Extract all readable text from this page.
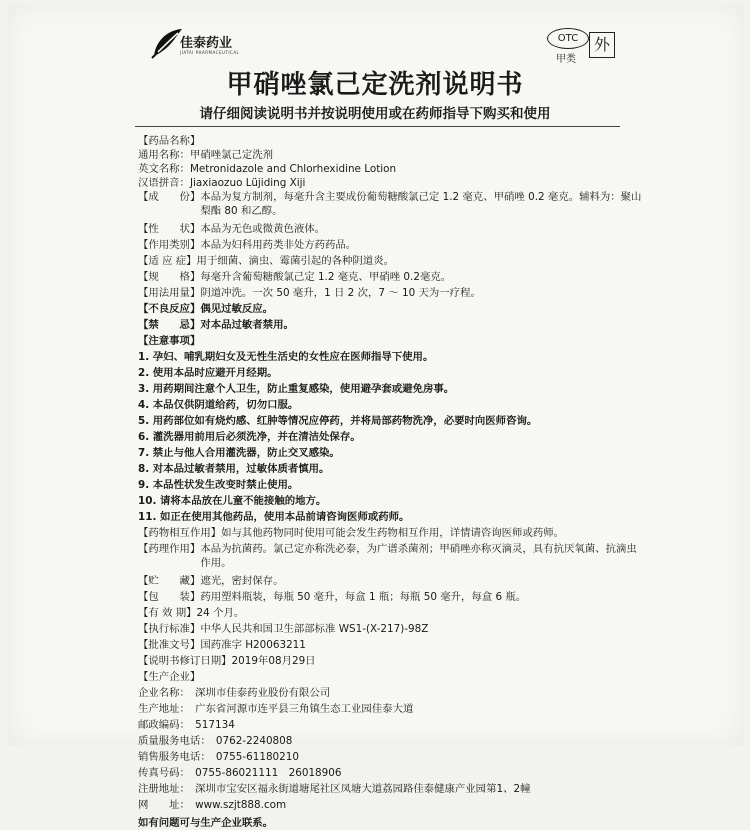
佳泰药业
JIATAI PHARMACEUTICAL
OTC
甲类
外
甲硝唑氯己定洗剂说明书
请仔细阅读说明书并按说明使用或在药师指导下购买和使用
【药品名称】
通用名称：甲硝唑氯己定洗剂
英文名称：Metronidazole and Chlorhexidine Lotion
汉语拼音：Jiaxiaozuo Lüjiding Xiji
【成　　份】本品为复方制剂，每毫升含主要成份葡萄糖酸氯己定 1.2 毫克、甲硝唑 0.2 毫克。辅料为：聚山
　　　　　　梨酯 80 和乙醇。
【性　　状】本品为无色或微黄色液体。
【作用类别】本品为妇科用药类非处方药药品。
【适 应 症】用于细菌、滴虫、霉菌引起的各种阴道炎。
【规　　格】每毫升含葡萄糖酸氯己定 1.2 毫克、甲硝唑 0.2毫克。
【用法用量】阴道冲洗。一次 50 毫升，1 日 2 次，7 ～ 10 天为一疗程。
【不良反应】偶见过敏反应。
【禁　　忌】对本品过敏者禁用。
【注意事项】
1. 孕妇、哺乳期妇女及无性生活史的女性应在医师指导下使用。
2. 使用本品时应避开月经期。
3. 用药期间注意个人卫生，防止重复感染，使用避孕套或避免房事。
4. 本品仅供阴道给药，切勿口服。
5. 用药部位如有烧灼感、红肿等情况应停药，并将局部药物洗净，必要时向医师咨询。
6. 灌洗器用前用后必须洗净，并在清洁处保存。
7. 禁止与他人合用灌洗器，防止交叉感染。
8. 对本品过敏者禁用，过敏体质者慎用。
9. 本品性状发生改变时禁止使用。
10. 请将本品放在儿童不能接触的地方。
11. 如正在使用其他药品，使用本品前请咨询医师或药师。
【药物相互作用】如与其他药物同时使用可能会发生药物相互作用，详情请咨询医师或药师。
【药理作用】本品为抗菌药。氯己定亦称洗必泰，为广谱杀菌剂；甲硝唑亦称灭滴灵，具有抗厌氧菌、抗滴虫
　　　　　　作用。
【贮　　藏】遮光，密封保存。
【包　　装】药用塑料瓶装，每瓶 50 毫升，每盒 1 瓶；每瓶 50 毫升，每盒 6 瓶。
【有 效 期】24 个月。
【执行标准】中华人民共和国卫生部部标准 WS1-(X-217)-98Z
【批准文号】国药准字 H20063211
【说明书修订日期】2019年08月29日
【生产企业】
企业名称：　深圳市佳泰药业股份有限公司
生产地址：　广东省河源市连平县三角镇生态工业园佳泰大道
邮政编码：　517134
质量服务电话：　0762-2240808
销售服务电话：　0755-61180210
传真号码：　0755-86021111　26018906
注册地址：　深圳市宝安区福永街道塘尾社区凤塘大道荔园路佳泰健康产业园第1、2幢
网　　址：　www.szjt888.com
如有问题可与生产企业联系。
